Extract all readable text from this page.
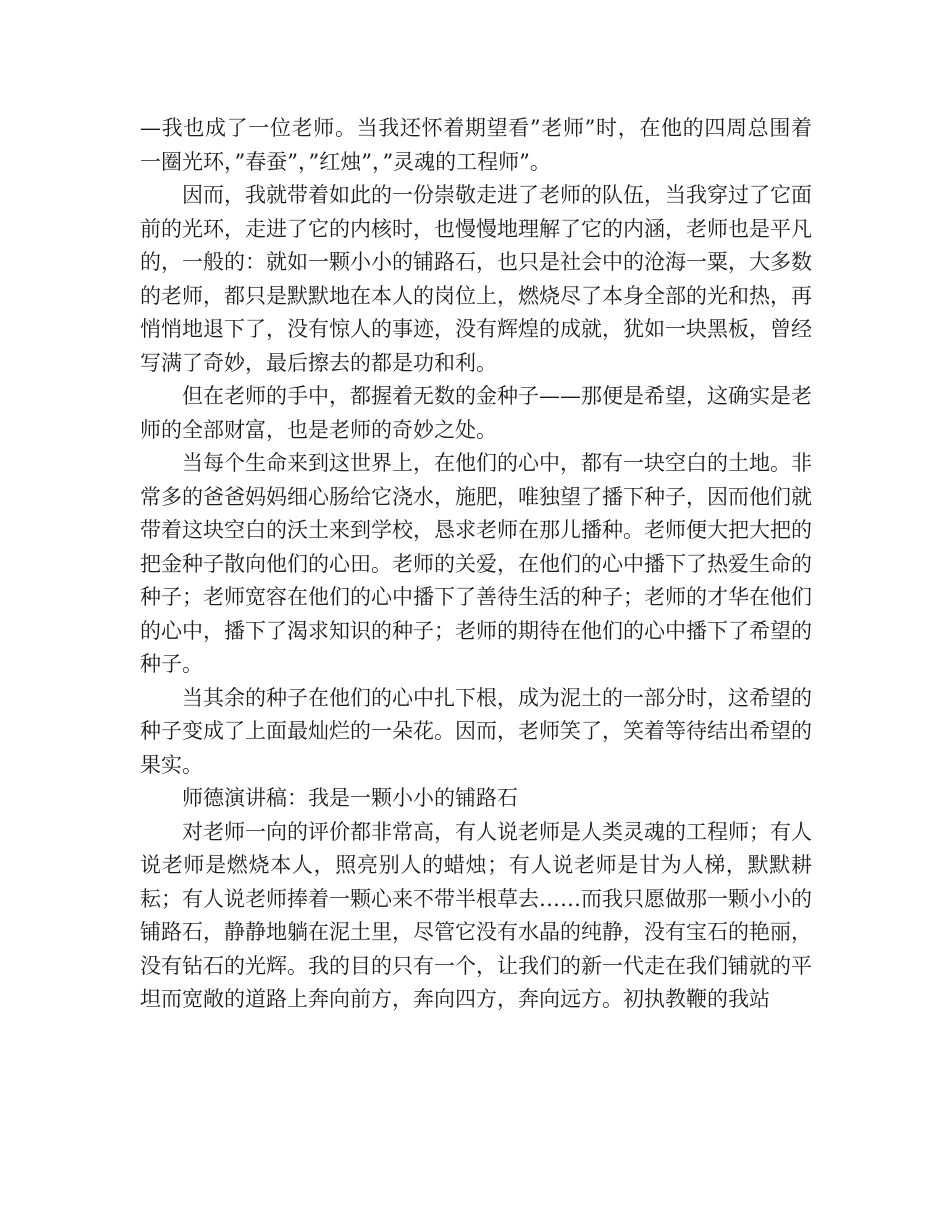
—我也成了一位老师。当我还怀着期望看”老师”时，在他的四周总围着一圈光环，”春蚕”，”红烛”，”灵魂的工程师”。

因而，我就带着如此的一份崇敬走进了老师的队伍，当我穿过了它面前的光环，走进了它的内核时，也慢慢地理解了它的内涵，老师也是平凡的，一般的：就如一颗小小的铺路石，也只是社会中的沧海一粟，大多数的老师，都只是默默地在本人的岗位上，燃烧尽了本身全部的光和热，再悄悄地退下了，没有惊人的事迹，没有辉煌的成就，犹如一块黑板，曾经写满了奇妙，最后擦去的都是功和利。

但在老师的手中，都握着无数的金种子——那便是希望，这确实是老师的全部财富，也是老师的奇妙之处。

当每个生命来到这世界上，在他们的心中，都有一块空白的土地。非常多的爸爸妈妈细心肠给它浇水，施肥，唯独望了播下种子，因而他们就带着这块空白的沃土来到学校，恳求老师在那儿播种。老师便大把大把的把金种子散向他们的心田。老师的关爱，在他们的心中播下了热爱生命的种子；老师宽容在他们的心中播下了善待生活的种子；老师的才华在他们的心中，播下了渴求知识的种子；老师的期待在他们的心中播下了希望的种子。

当其余的种子在他们的心中扎下根，成为泥土的一部分时，这希望的种子变成了上面最灿烂的一朵花。因而，老师笑了，笑着等待结出希望的果实。

师德演讲稿：我是一颗小小的铺路石

对老师一向的评价都非常高，有人说老师是人类灵魂的工程师；有人说老师是燃烧本人，照亮别人的蜡烛；有人说老师是甘为人梯，默默耕耘；有人说老师捧着一颗心来不带半根草去……而我只愿做那一颗小小的铺路石，静静地躺在泥土里，尽管它没有水晶的纯静，没有宝石的艳丽，没有钻石的光辉。我的目的只有一个，让我们的新一代走在我们铺就的平坦而宽敞的道路上奔向前方，奔向四方，奔向远方。初执教鞭的我站
